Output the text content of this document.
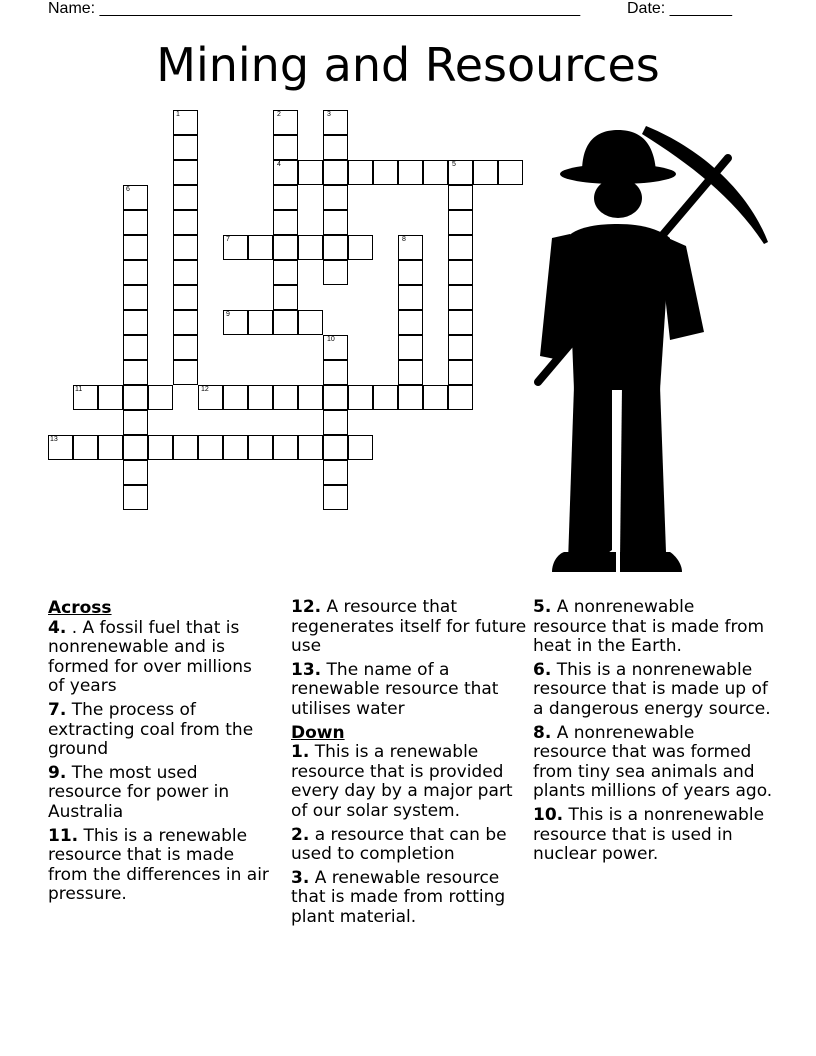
Name: ______________________________________________________	Date: _______
Mining and Resources
1	2	3
4	5
6
7	8
9
10
11	12
13
Across
4. . A fossil fuel that is nonrenewable and is formed for over millions of years
7. The process of extracting coal from the ground
9. The most used resource for power in Australia
11. This is a renewable resource that is made from the differences in air pressure.
12. A resource that regenerates itself for future use
13. The name of a renewable resource that utilises water
Down
1. This is a renewable resource that is provided every day by a major part of our solar system.
2. a resource that can be used to completion
3. A renewable resource that is made from rotting plant material.
5. A nonrenewable resource that is made from heat in the Earth.
6. This is a nonrenewable resource that is made up of a dangerous energy source.
8. A nonrenewable resource that was formed from tiny sea animals and plants millions of years ago.
10. This is a nonrenewable resource that is used in nuclear power.
